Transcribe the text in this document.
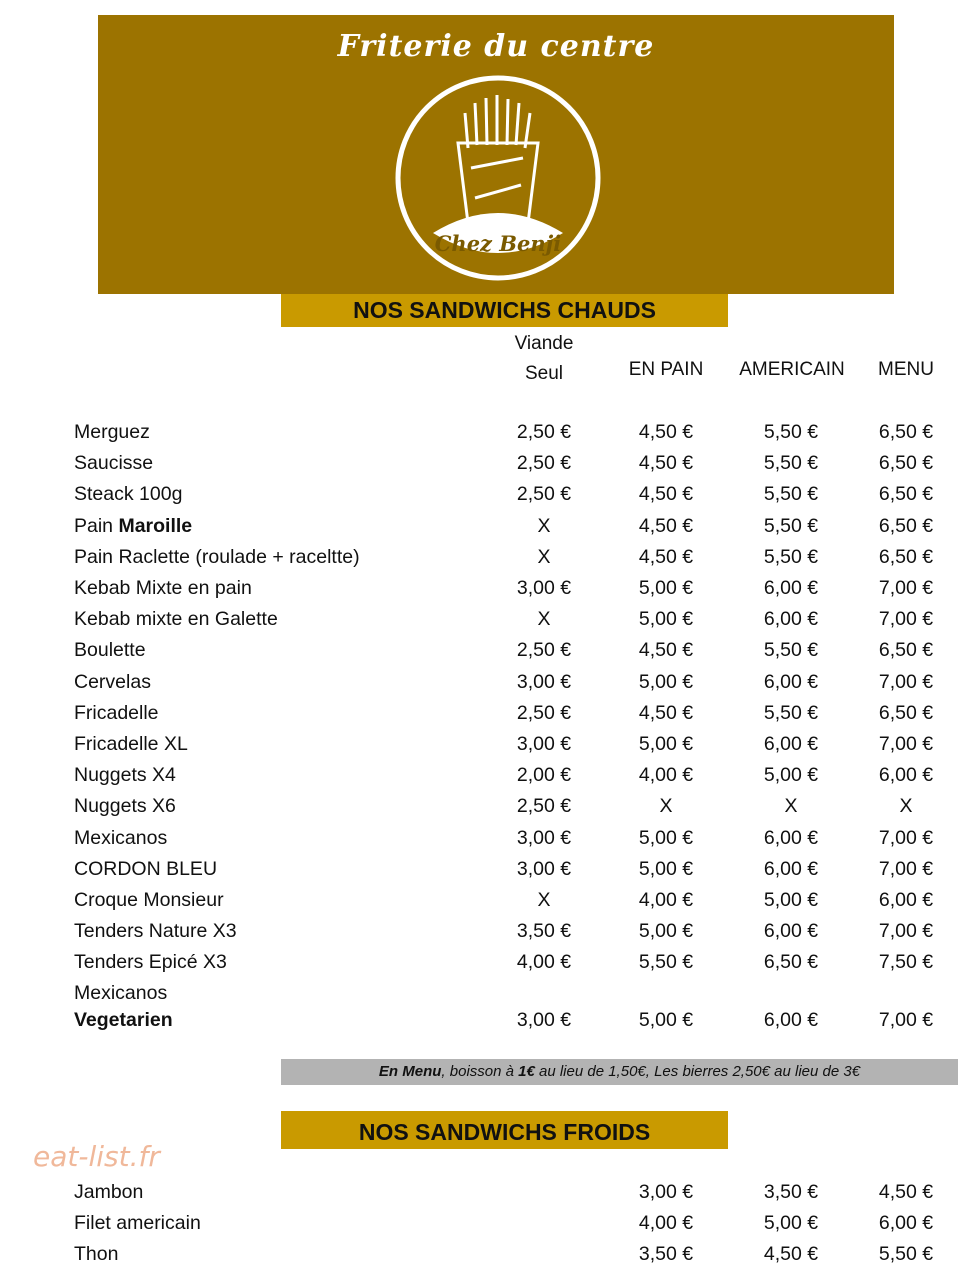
Friterie du centre
Chez Benji
NOS SANDWICHS CHAUDS
Viande
Seul	EN PAIN	AMERICAIN	MENU
Merguez	2,50 €	4,50 €	5,50 €	6,50 €
Saucisse	2,50 €	4,50 €	5,50 €	6,50 €
Steack 100g	2,50 €	4,50 €	5,50 €	6,50 €
Pain Maroille	X	4,50 €	5,50 €	6,50 €
Pain Raclette (roulade + raceltte)	X	4,50 €	5,50 €	6,50 €
Kebab Mixte en pain	3,00 €	5,00 €	6,00 €	7,00 €
Kebab mixte en Galette	X	5,00 €	6,00 €	7,00 €
Boulette	2,50 €	4,50 €	5,50 €	6,50 €
Cervelas	3,00 €	5,00 €	6,00 €	7,00 €
Fricadelle	2,50 €	4,50 €	5,50 €	6,50 €
Fricadelle XL	3,00 €	5,00 €	6,00 €	7,00 €
Nuggets X4	2,00 €	4,00 €	5,00 €	6,00 €
Nuggets X6	2,50 €	X	X	X
Mexicanos	3,00 €	5,00 €	6,00 €	7,00 €
CORDON BLEU	3,00 €	5,00 €	6,00 €	7,00 €
Croque Monsieur	X	4,00 €	5,00 €	6,00 €
Tenders Nature X3	3,50 €	5,00 €	6,00 €	7,00 €
Tenders Epicé X3	4,00 €	5,50 €	6,50 €	7,50 €
Mexicanos
Vegetarien	3,00 €	5,00 €	6,00 €	7,00 €
En Menu, boisson à 1€ au lieu de 1,50€, Les bierres 2,50€ au lieu de 3€
NOS SANDWICHS FROIDS
eat-list.fr
Jambon	3,00 €	3,50 €	4,50 €
Filet americain	4,00 €	5,00 €	6,00 €
Thon	3,50 €	4,50 €	5,50 €
